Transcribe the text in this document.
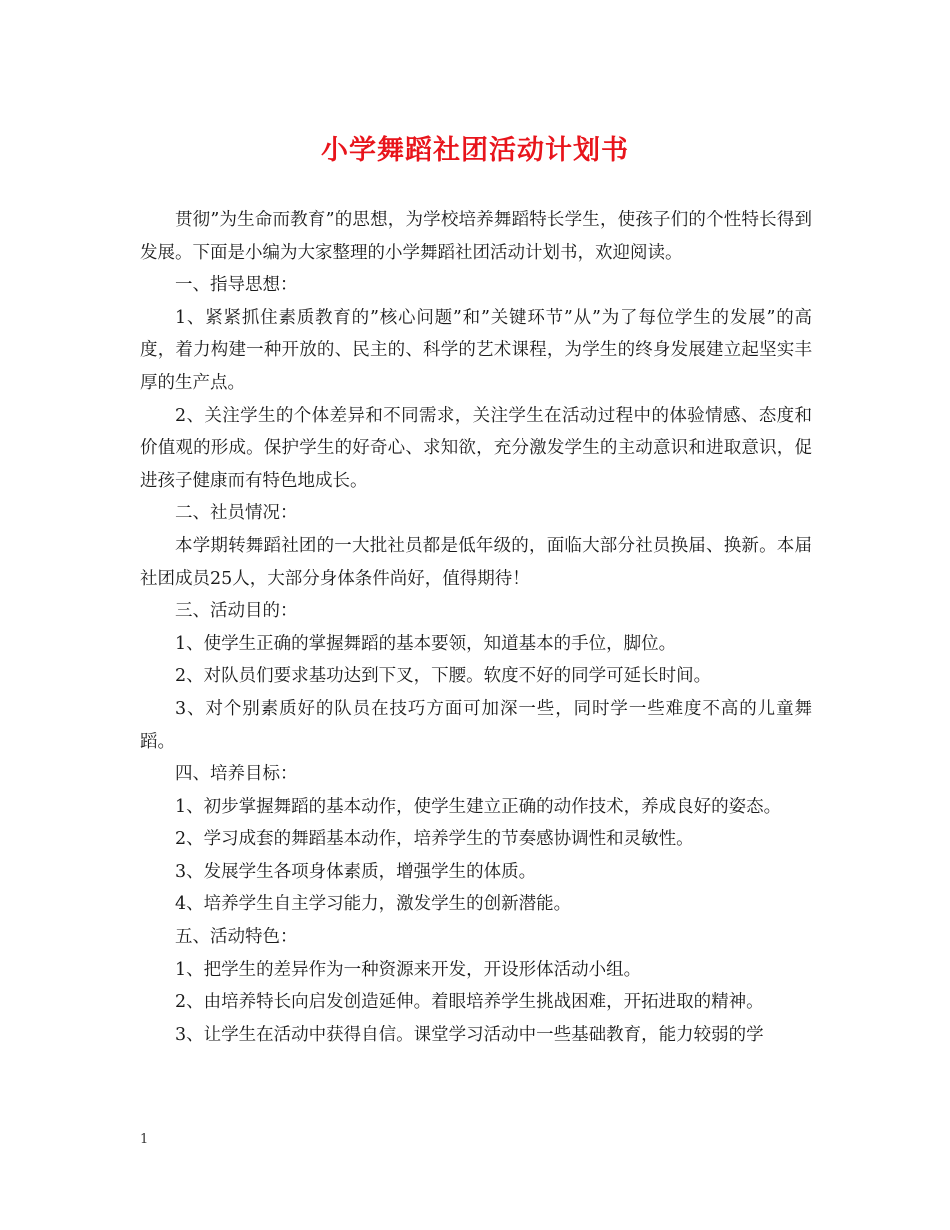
小学舞蹈社团活动计划书

贯彻”为生命而教育”的思想，为学校培养舞蹈特长学生，使孩子们的个性特长得到发展。下面是小编为大家整理的小学舞蹈社团活动计划书，欢迎阅读。

一、指导思想：

1、紧紧抓住素质教育的”核心问题”和”关键环节”从”为了每位学生的发展”的高度，着力构建一种开放的、民主的、科学的艺术课程，为学生的终身发展建立起坚实丰厚的生产点。

2、关注学生的个体差异和不同需求，关注学生在活动过程中的体验情感、态度和价值观的形成。保护学生的好奇心、求知欲，充分激发学生的主动意识和进取意识，促进孩子健康而有特色地成长。

二、社员情况：

本学期转舞蹈社团的一大批社员都是低年级的，面临大部分社员换届、换新。本届社团成员25人，大部分身体条件尚好，值得期待！

三、活动目的：

1、使学生正确的掌握舞蹈的基本要领，知道基本的手位，脚位。

2、对队员们要求基功达到下叉，下腰。软度不好的同学可延长时间。

3、对个别素质好的队员在技巧方面可加深一些，同时学一些难度不高的儿童舞蹈。

四、培养目标：

1、初步掌握舞蹈的基本动作，使学生建立正确的动作技术，养成良好的姿态。

2、学习成套的舞蹈基本动作，培养学生的节奏感协调性和灵敏性。

3、发展学生各项身体素质，增强学生的体质。

4、培养学生自主学习能力，激发学生的创新潜能。

五、活动特色：

1、把学生的差异作为一种资源来开发，开设形体活动小组。

2、由培养特长向启发创造延伸。着眼培养学生挑战困难，开拓进取的精神。

3、让学生在活动中获得自信。课堂学习活动中一些基础教育，能力较弱的学

1
